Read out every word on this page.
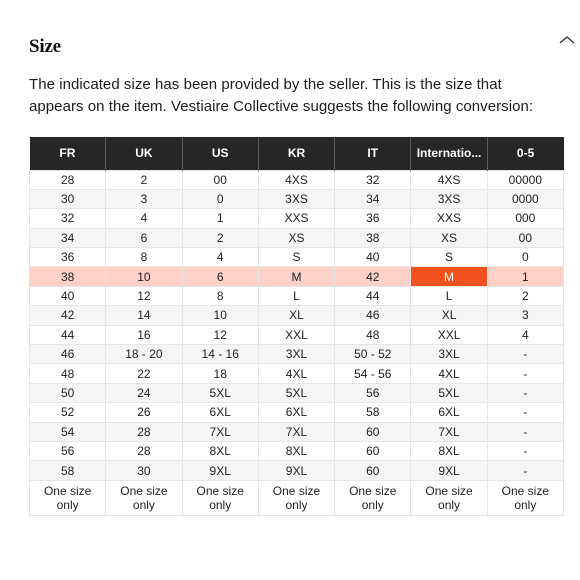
Size

The indicated size has been provided by the seller. This is the size that appears on the item. Vestiaire Collective suggests the following conversion:

FR	UK	US	KR	IT	Internatio...	0-5
28	2	00	4XS	32	4XS	00000
30	3	0	3XS	34	3XS	0000
32	4	1	XXS	36	XXS	000
34	6	2	XS	38	XS	00
36	8	4	S	40	S	0
38	10	6	M	42	M	1
40	12	8	L	44	L	2
42	14	10	XL	46	XL	3
44	16	12	XXL	48	XXL	4
46	18 - 20	14 - 16	3XL	50 - 52	3XL	-
48	22	18	4XL	54 - 56	4XL	-
50	24	5XL	5XL	56	5XL	-
52	26	6XL	6XL	58	6XL	-
54	28	7XL	7XL	60	7XL	-
56	28	8XL	8XL	60	8XL	-
58	30	9XL	9XL	60	9XL	-
One size only	One size only	One size only	One size only	One size only	One size only	One size only
